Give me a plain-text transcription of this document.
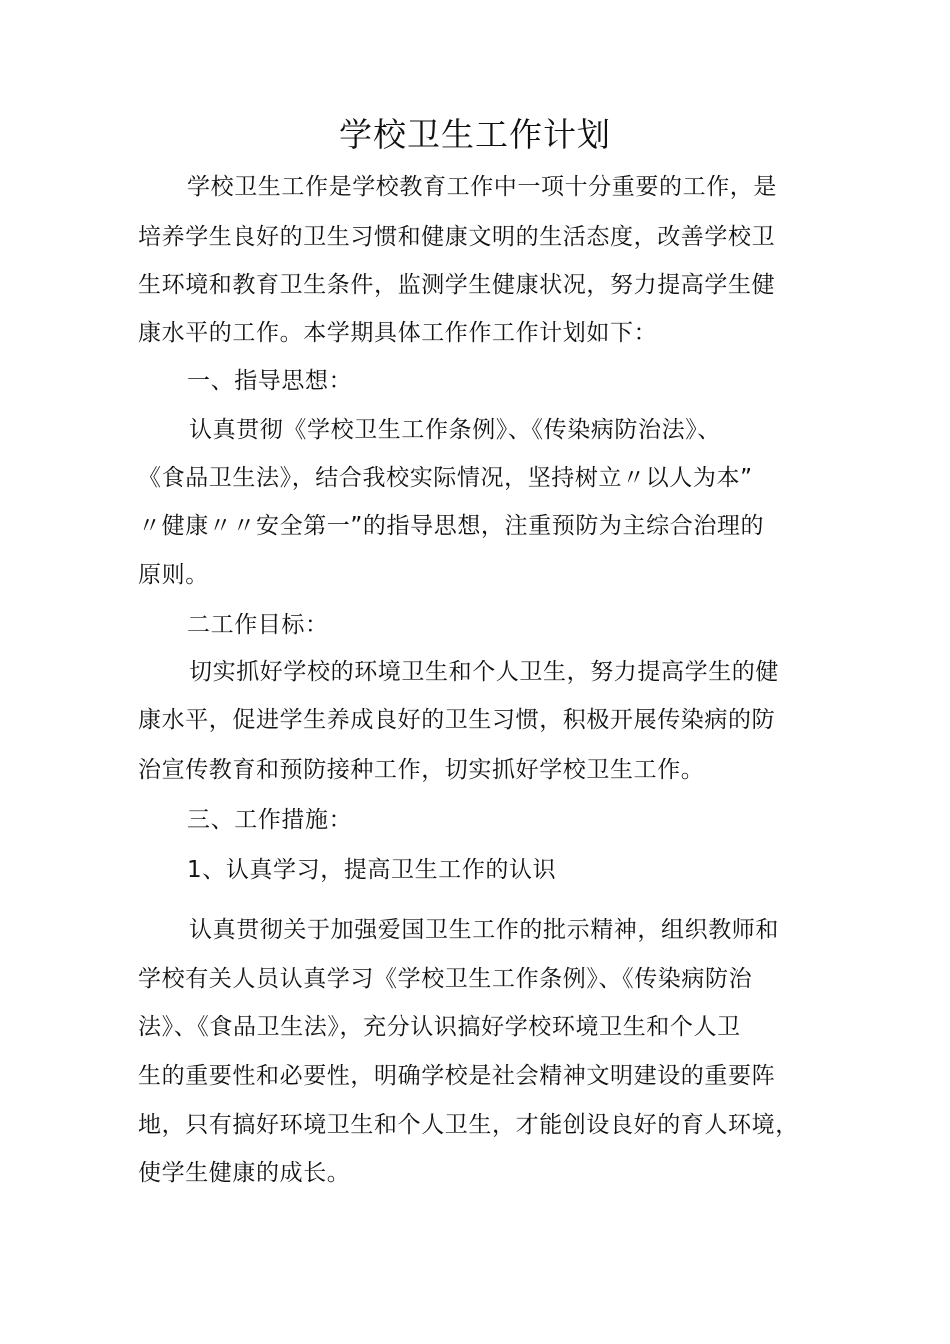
学校卫生工作计划

学校卫生工作是学校教育工作中一项十分重要的工作，是

培养学生良好的卫生习惯和健康文明的生活态度，改善学校卫

生环境和教育卫生条件，监测学生健康状况，努力提高学生健

康水平的工作。本学期具体工作作工作计划如下：

一、指导思想：

认真贯彻《学校卫生工作条例》、《传染病防治法》、

《食品卫生法》，结合我校实际情况，坚持树立〃以人为本”

〃健康〃〃安全第一”的指导思想，注重预防为主综合治理的

原则。

二工作目标：

切实抓好学校的环境卫生和个人卫生，努力提高学生的健

康水平，促进学生养成良好的卫生习惯，积极开展传染病的防

治宣传教育和预防接种工作，切实抓好学校卫生工作。

三、工作措施：

1、认真学习，提高卫生工作的认识

认真贯彻关于加强爱国卫生工作的批示精神，组织教师和

学校有关人员认真学习《学校卫生工作条例》、《传染病防治

法》、《食品卫生法》，充分认识搞好学校环境卫生和个人卫

生的重要性和必要性，明确学校是社会精神文明建设的重要阵

地，只有搞好环境卫生和个人卫生，才能创设良好的育人环境，

使学生健康的成长。
